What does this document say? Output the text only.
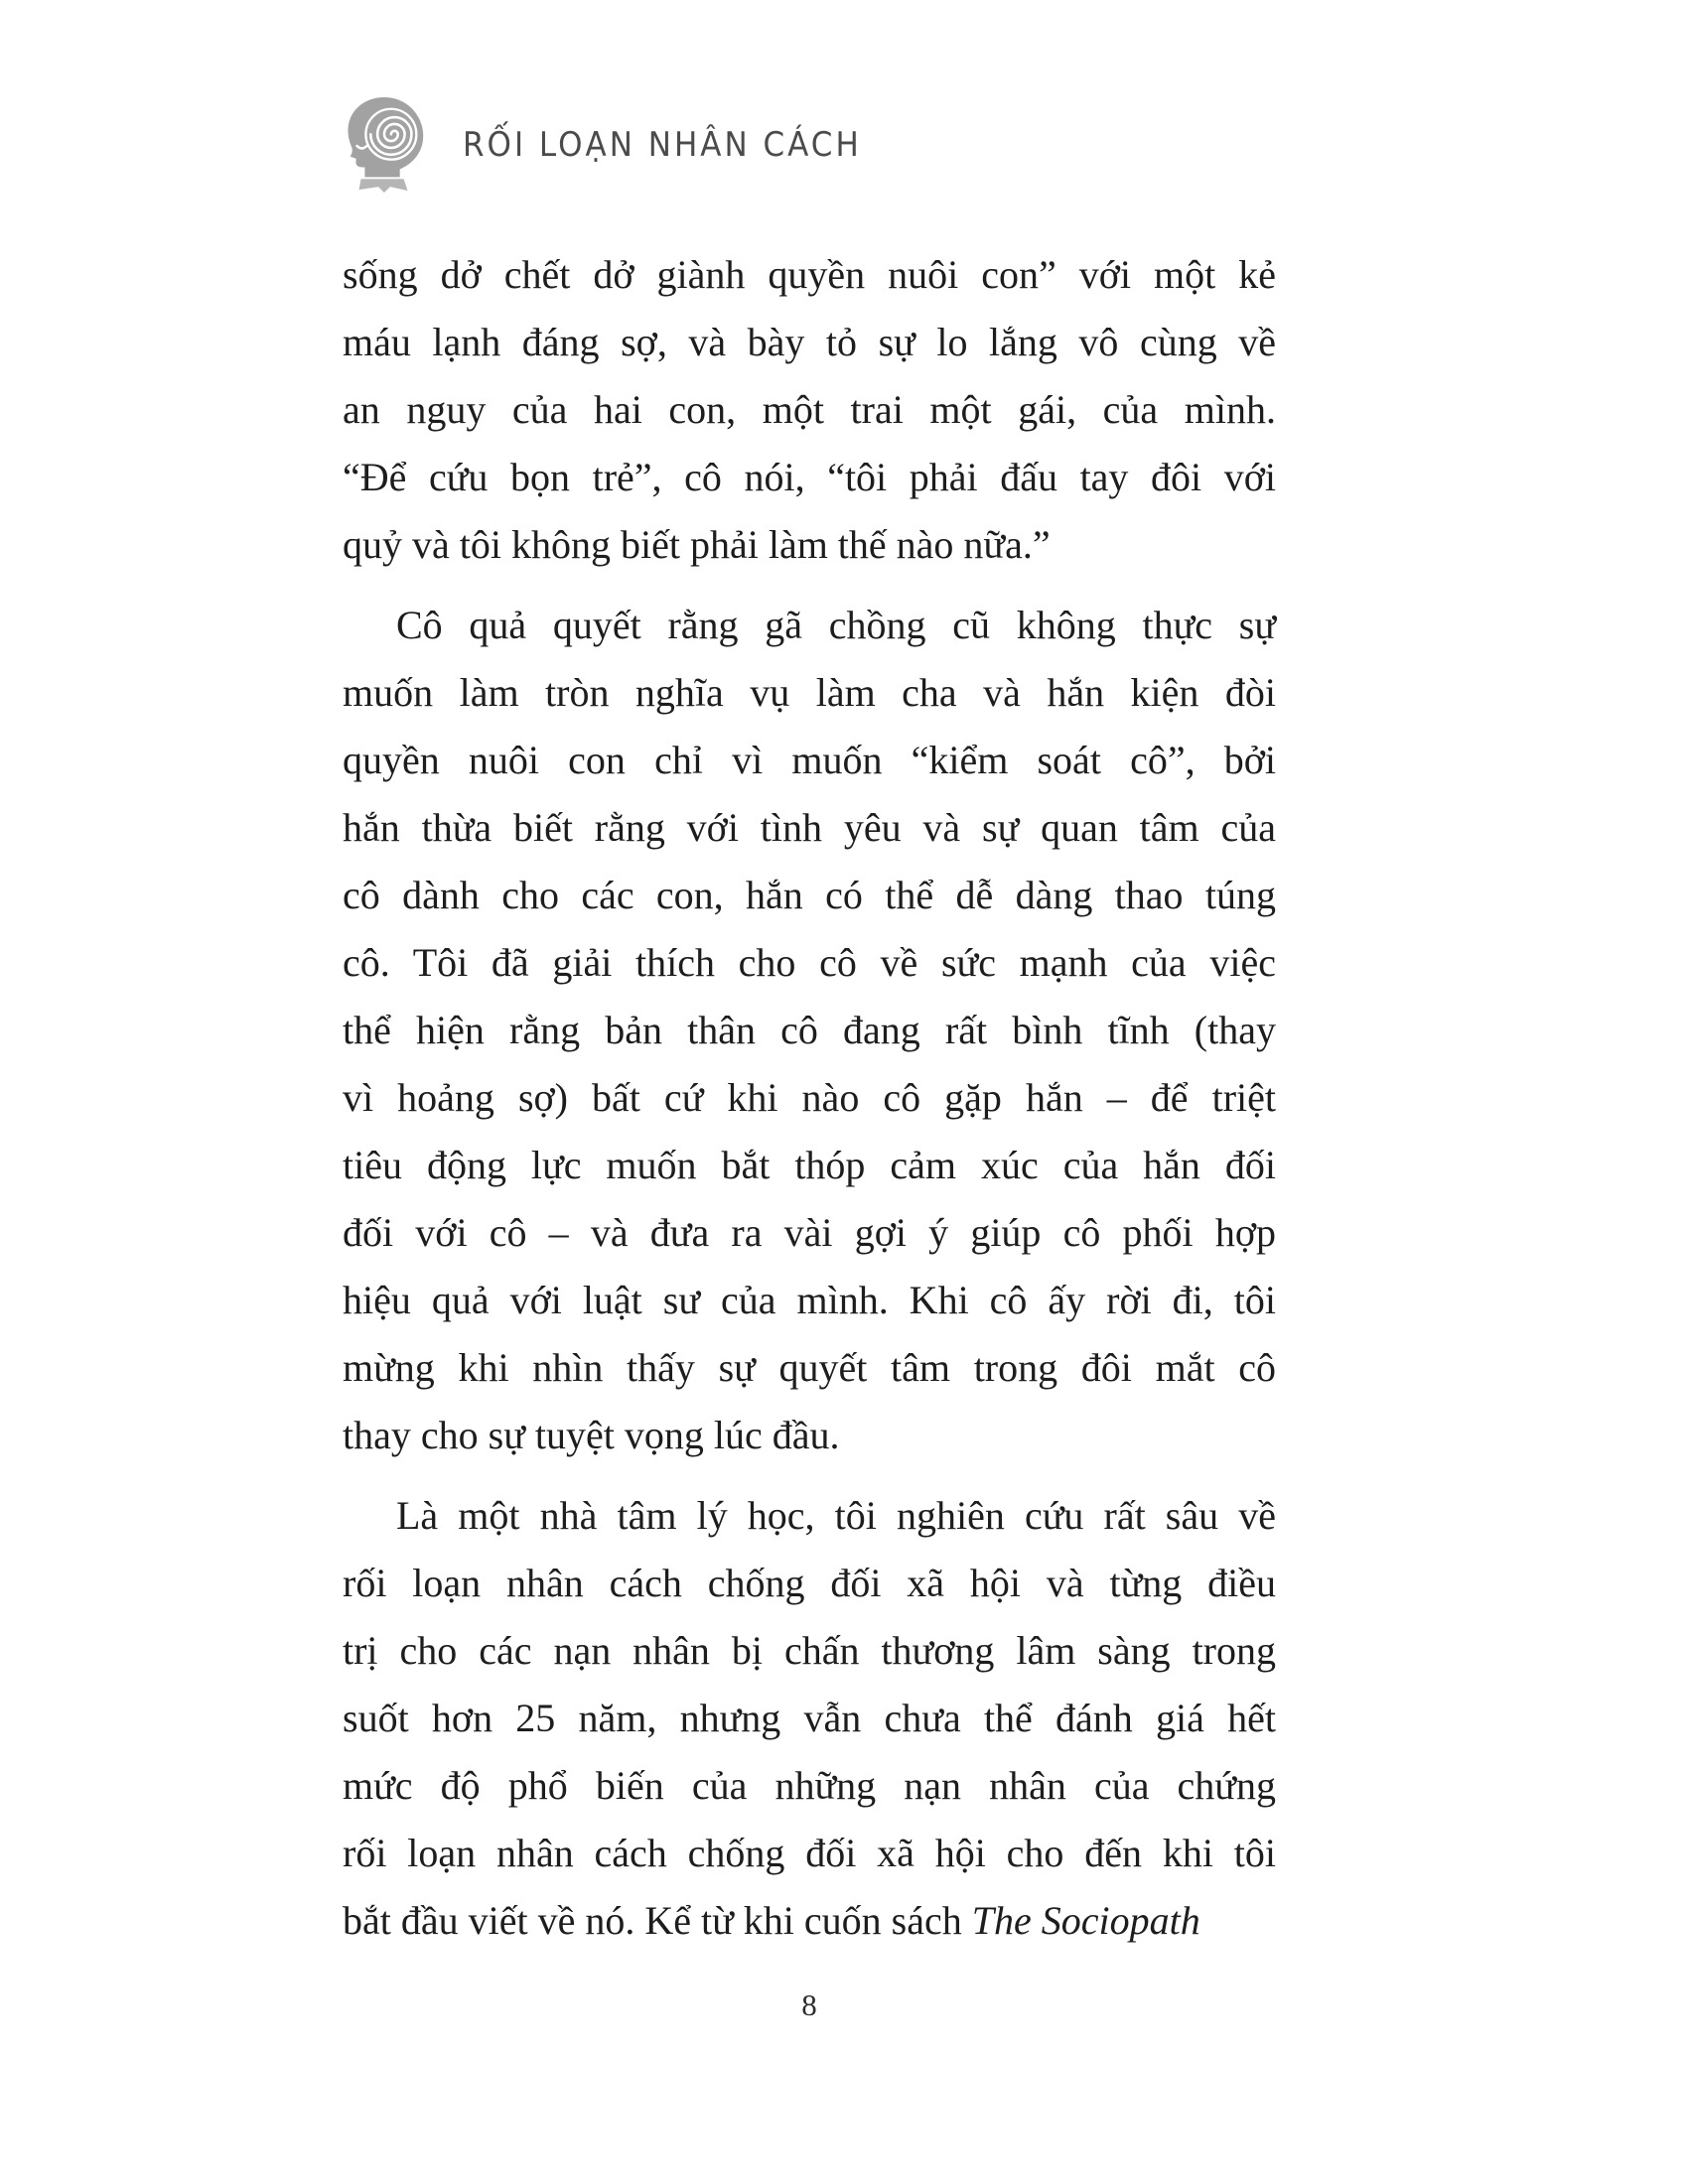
RỐI LOẠN NHÂN CÁCH
sống dở chết dở giành quyền nuôi con” với một kẻ
máu lạnh đáng sợ, và bày tỏ sự lo lắng vô cùng về
an nguy của hai con, một trai một gái, của mình.
“Để cứu bọn trẻ”, cô nói, “tôi phải đấu tay đôi với
quỷ và tôi không biết phải làm thế nào nữa.”
Cô quả quyết rằng gã chồng cũ không thực sự
muốn làm tròn nghĩa vụ làm cha và hắn kiện đòi
quyền nuôi con chỉ vì muốn “kiểm soát cô”, bởi
hắn thừa biết rằng với tình yêu và sự quan tâm của
cô dành cho các con, hắn có thể dễ dàng thao túng
cô. Tôi đã giải thích cho cô về sức mạnh của việc
thể hiện rằng bản thân cô đang rất bình tĩnh (thay
vì hoảng sợ) bất cứ khi nào cô gặp hắn – để triệt
tiêu động lực muốn bắt thóp cảm xúc của hắn đối
đối với cô – và đưa ra vài gợi ý giúp cô phối hợp
hiệu quả với luật sư của mình. Khi cô ấy rời đi, tôi
mừng khi nhìn thấy sự quyết tâm trong đôi mắt cô
thay cho sự tuyệt vọng lúc đầu.
Là một nhà tâm lý học, tôi nghiên cứu rất sâu về
rối loạn nhân cách chống đối xã hội và từng điều
trị cho các nạn nhân bị chấn thương lâm sàng trong
suốt hơn 25 năm, nhưng vẫn chưa thể đánh giá hết
mức độ phổ biến của những nạn nhân của chứng
rối loạn nhân cách chống đối xã hội cho đến khi tôi
bắt đầu viết về nó. Kể từ khi cuốn sách The Sociopath
8
